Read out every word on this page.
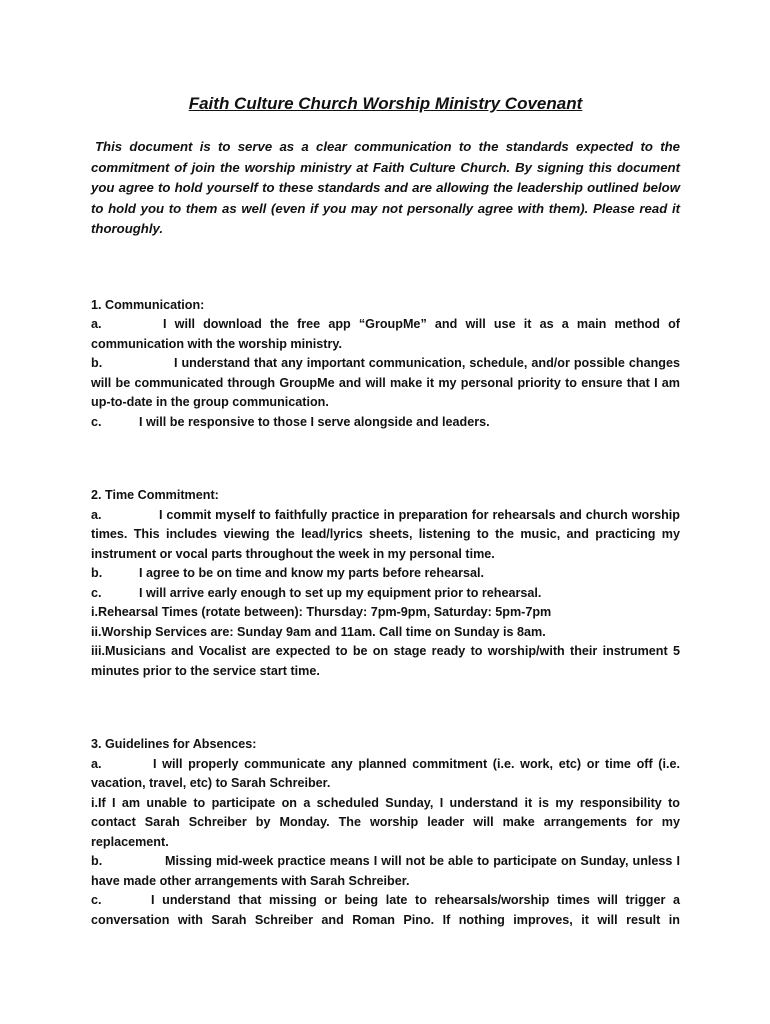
Faith Culture Church Worship Ministry Covenant

This document is to serve as a clear communication to the standards expected to the commitment of join the worship ministry at Faith Culture Church. By signing this document you agree to hold yourself to these standards and are allowing the leadership outlined below to hold you to them as well (even if you may not personally agree with them). Please read it thoroughly.

1. Communication:
a.	I will download the free app “GroupMe” and will use it as a main method of communication with the worship ministry.
b.	I understand that any important communication, schedule, and/or possible changes will be communicated through GroupMe and will make it my personal priority to ensure that I am up-to-date in the group communication.
c.	I will be responsive to those I serve alongside and leaders.
2. Time Commitment:
a.	I commit myself to faithfully practice in preparation for rehearsals and church worship times. This includes viewing the lead/lyrics sheets, listening to the music, and practicing my instrument or vocal parts throughout the week in my personal time.
b.	I agree to be on time and know my parts before rehearsal.
c.	I will arrive early enough to set up my equipment prior to rehearsal.
i.Rehearsal Times (rotate between): Thursday: 7pm-9pm, Saturday: 5pm-7pm
ii.Worship Services are: Sunday 9am and 11am. Call time on Sunday is 8am.
iii.Musicians and Vocalist are expected to be on stage ready to worship/with their instrument 5 minutes prior to the service start time.
3. Guidelines for Absences:
a.	I will properly communicate any planned commitment (i.e. work, etc) or time off (i.e. vacation, travel, etc) to Sarah Schreiber.
i.If I am unable to participate on a scheduled Sunday, I understand it is my responsibility to contact Sarah Schreiber by Monday. The worship leader will make arrangements for my replacement.
b.	Missing mid-week practice means I will not be able to participate on Sunday, unless I have made other arrangements with Sarah Schreiber.
c.	I understand that missing or being late to rehearsals/worship times will trigger a conversation with Sarah Schreiber and Roman Pino. If nothing improves, it will result in
